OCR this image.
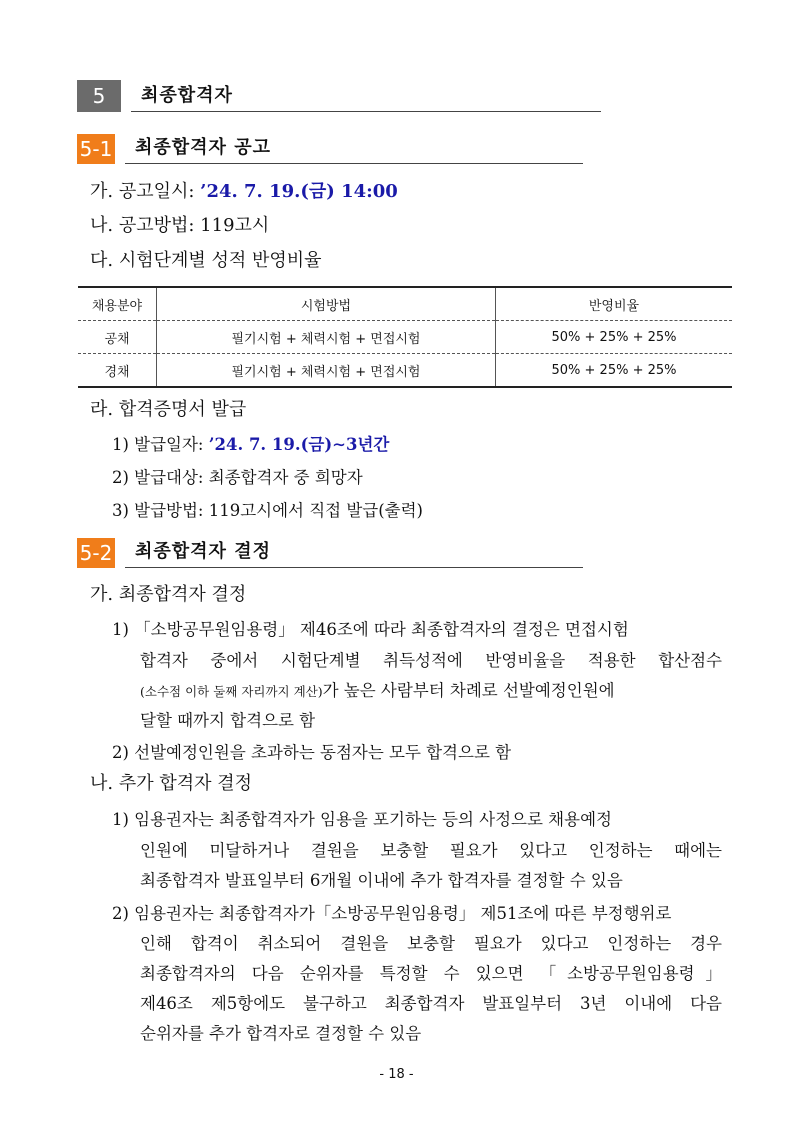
5	최종합격자
5-1	최종합격자 공고
가. 공고일시: ’24. 7. 19.(금) 14:00
나. 공고방법: 119고시
다. 시험단계별 성적 반영비율
채용분야	시험방법	반영비율
공채	필기시험 + 체력시험 + 면접시험	50% + 25% + 25%
경채	필기시험 + 체력시험 + 면접시험	50% + 25% + 25%
라. 합격증명서 발급
1) 발급일자: ’24. 7. 19.(금)∼3년간
2) 발급대상: 최종합격자 중 희망자
3) 발급방법: 119고시에서 직접 발급(출력)
5-2	최종합격자 결정
가. 최종합격자 결정
1) 「소방공무원임용령」 제46조에 따라 최종합격자의 결정은 면접시험
합격자 중에서 시험단계별 취득성적에 반영비율을 적용한 합산점수
(소수점 이하 둘째 자리까지 계산)가 높은 사람부터 차례로 선발예정인원에
달할 때까지 합격으로 함
2) 선발예정인원을 초과하는 동점자는 모두 합격으로 함
나. 추가 합격자 결정
1) 임용권자는 최종합격자가 임용을 포기하는 등의 사정으로 채용예정
인원에 미달하거나 결원을 보충할 필요가 있다고 인정하는 때에는
최종합격자 발표일부터 6개월 이내에 추가 합격자를 결정할 수 있음
2) 임용권자는 최종합격자가「소방공무원임용령」 제51조에 따른 부정행위로
인해 합격이 취소되어 결원을 보충할 필요가 있다고 인정하는 경우
최종합격자의 다음 순위자를 특정할 수 있으면 「소방공무원임용령」
제46조 제5항에도 불구하고 최종합격자 발표일부터 3년 이내에 다음
순위자를 추가 합격자로 결정할 수 있음
- 18 -
